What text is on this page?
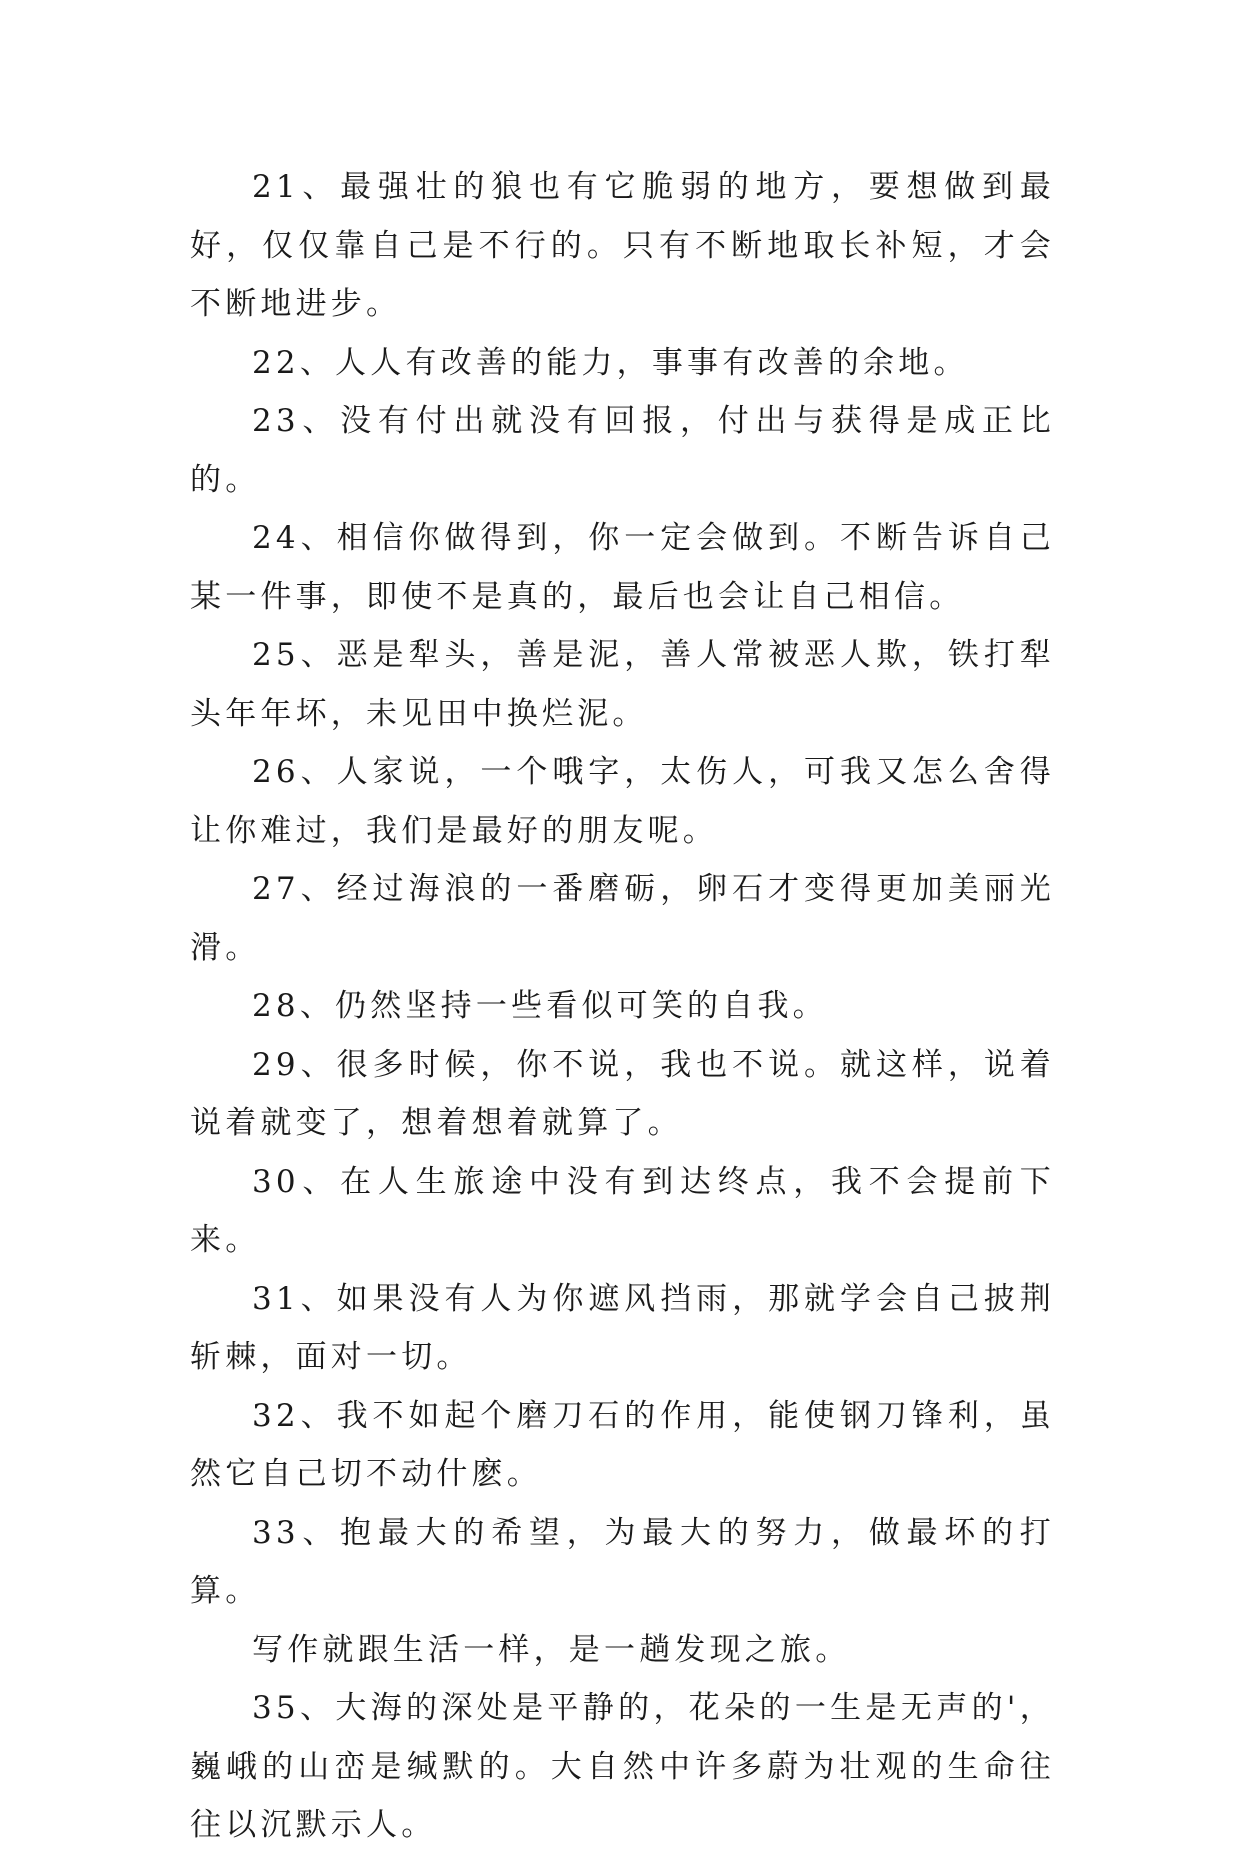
21、最强壮的狼也有它脆弱的地方，要想做到最好，仅仅靠自己是不行的。只有不断地取长补短，才会不断地进步。

22、人人有改善的能力，事事有改善的余地。

23、没有付出就没有回报，付出与获得是成正比的。

24、相信你做得到，你一定会做到。不断告诉自己某一件事，即使不是真的，最后也会让自己相信。

25、恶是犁头，善是泥，善人常被恶人欺，铁打犁头年年坏，未见田中换烂泥。

26、人家说，一个哦字，太伤人，可我又怎么舍得让你难过，我们是最好的朋友呢。

27、经过海浪的一番磨砺，卵石才变得更加美丽光滑。

28、仍然坚持一些看似可笑的自我。

29、很多时候，你不说，我也不说。就这样，说着说着就变了，想着想着就算了。

30、在人生旅途中没有到达终点，我不会提前下来。

31、如果没有人为你遮风挡雨，那就学会自己披荆斩棘，面对一切。

32、我不如起个磨刀石的作用，能使钢刀锋利，虽然它自己切不动什麽。

33、抱最大的希望，为最大的努力，做最坏的打算。

写作就跟生活一样，是一趟发现之旅。

35、大海的深处是平静的，花朵的一生是无声的'，巍峨的山峦是缄默的。大自然中许多蔚为壮观的生命往往以沉默示人。
